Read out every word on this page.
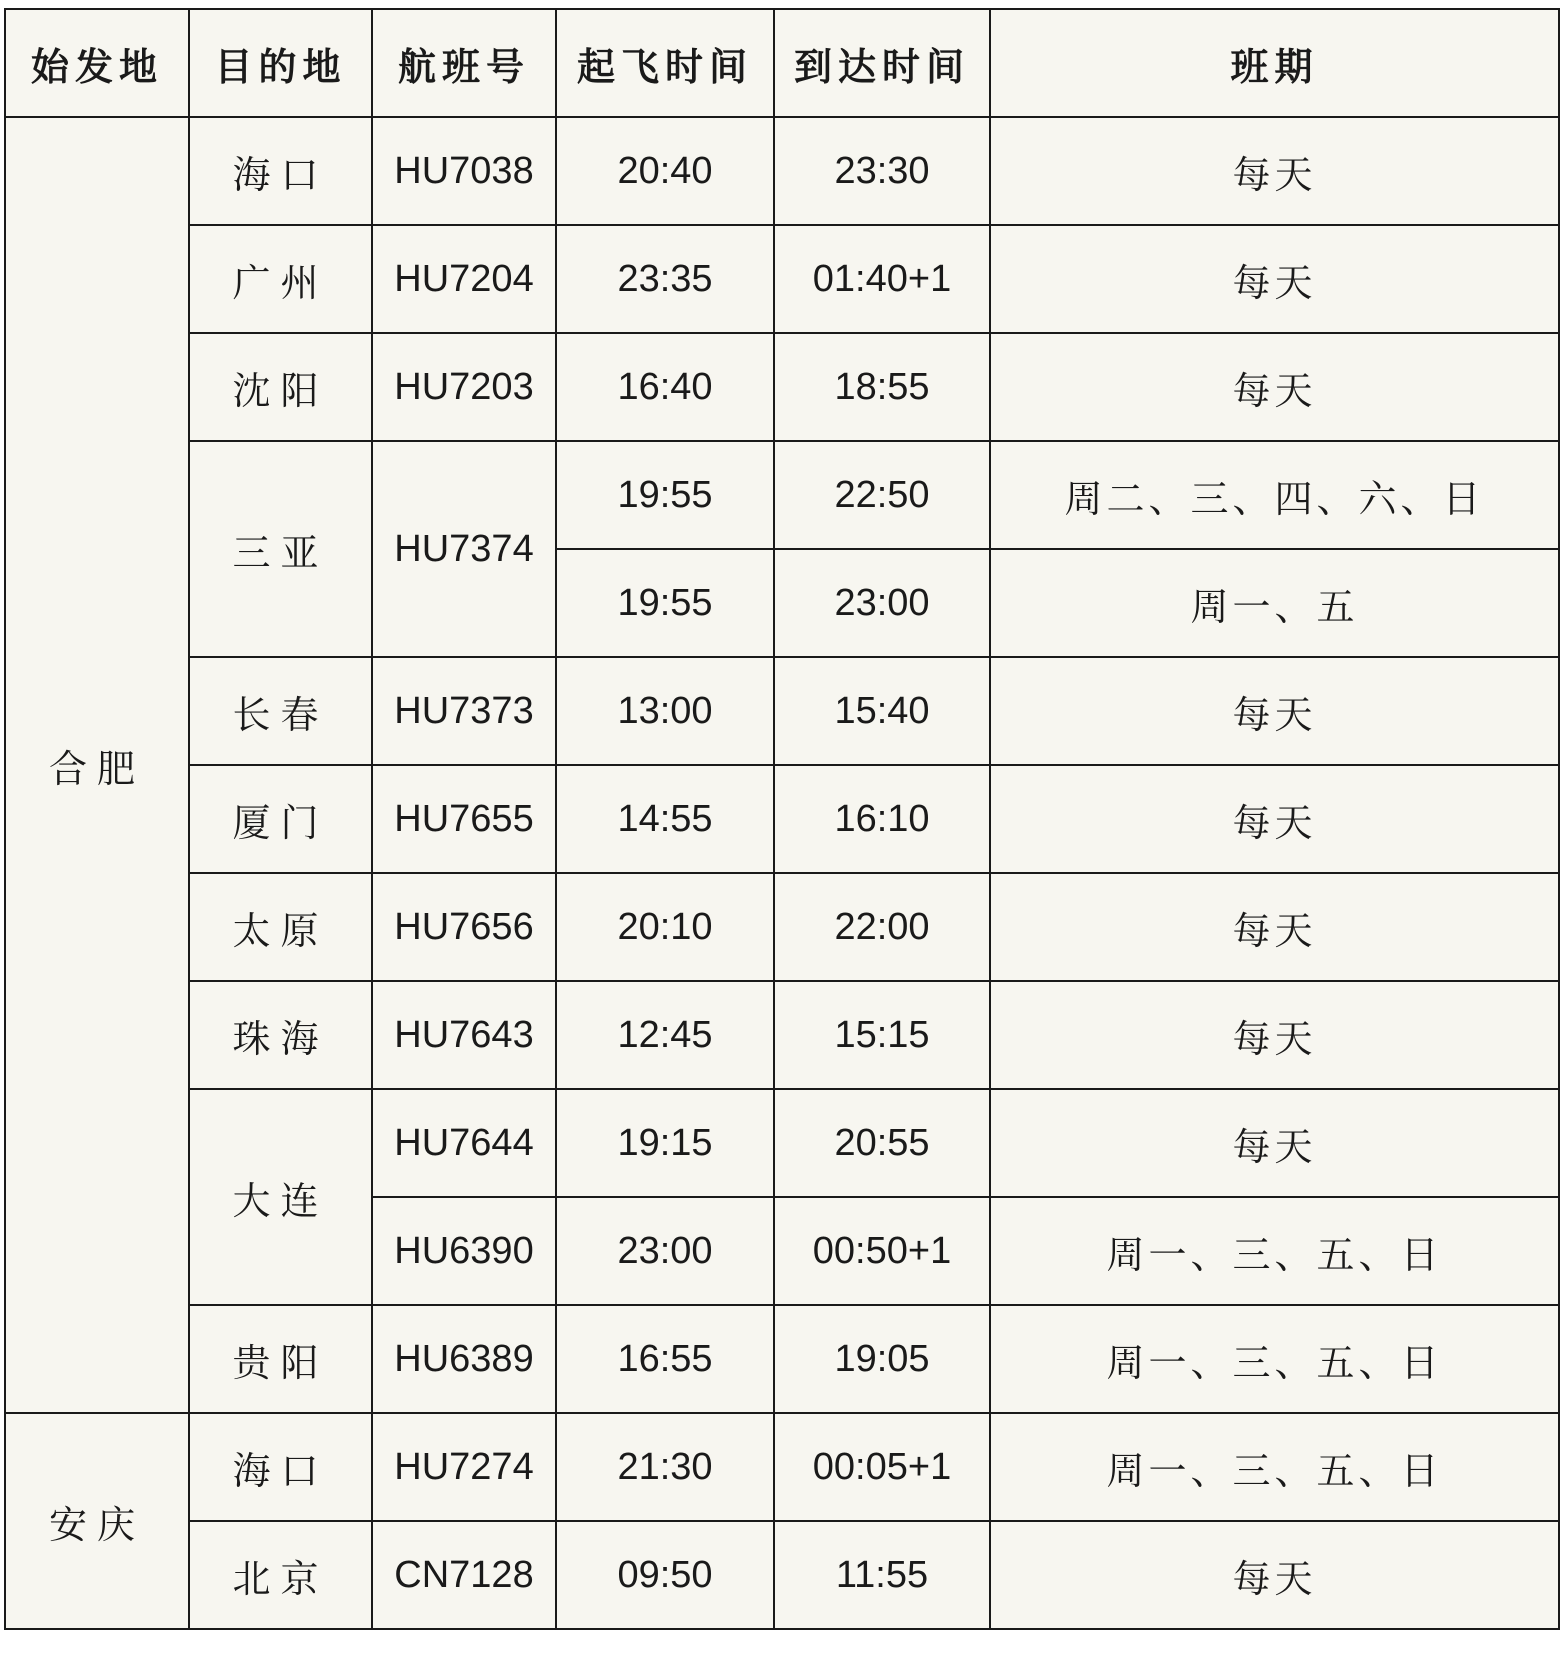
始发地	目的地	航班号	起飞时间	到达时间	班期
合肥	海口	HU7038	20:40	23:30	每天
	广州	HU7204	23:35	01:40+1	每天
	沈阳	HU7203	16:40	18:55	每天
	三亚	HU7374	19:55	22:50	周二、三、四、六、日
			19:55	23:00	周一、五
	长春	HU7373	13:00	15:40	每天
	厦门	HU7655	14:55	16:10	每天
	太原	HU7656	20:10	22:00	每天
	珠海	HU7643	12:45	15:15	每天
	大连	HU7644	19:15	20:55	每天
		HU6390	23:00	00:50+1	周一、三、五、日
	贵阳	HU6389	16:55	19:05	周一、三、五、日
安庆	海口	HU7274	21:30	00:05+1	周一、三、五、日
	北京	CN7128	09:50	11:55	每天
